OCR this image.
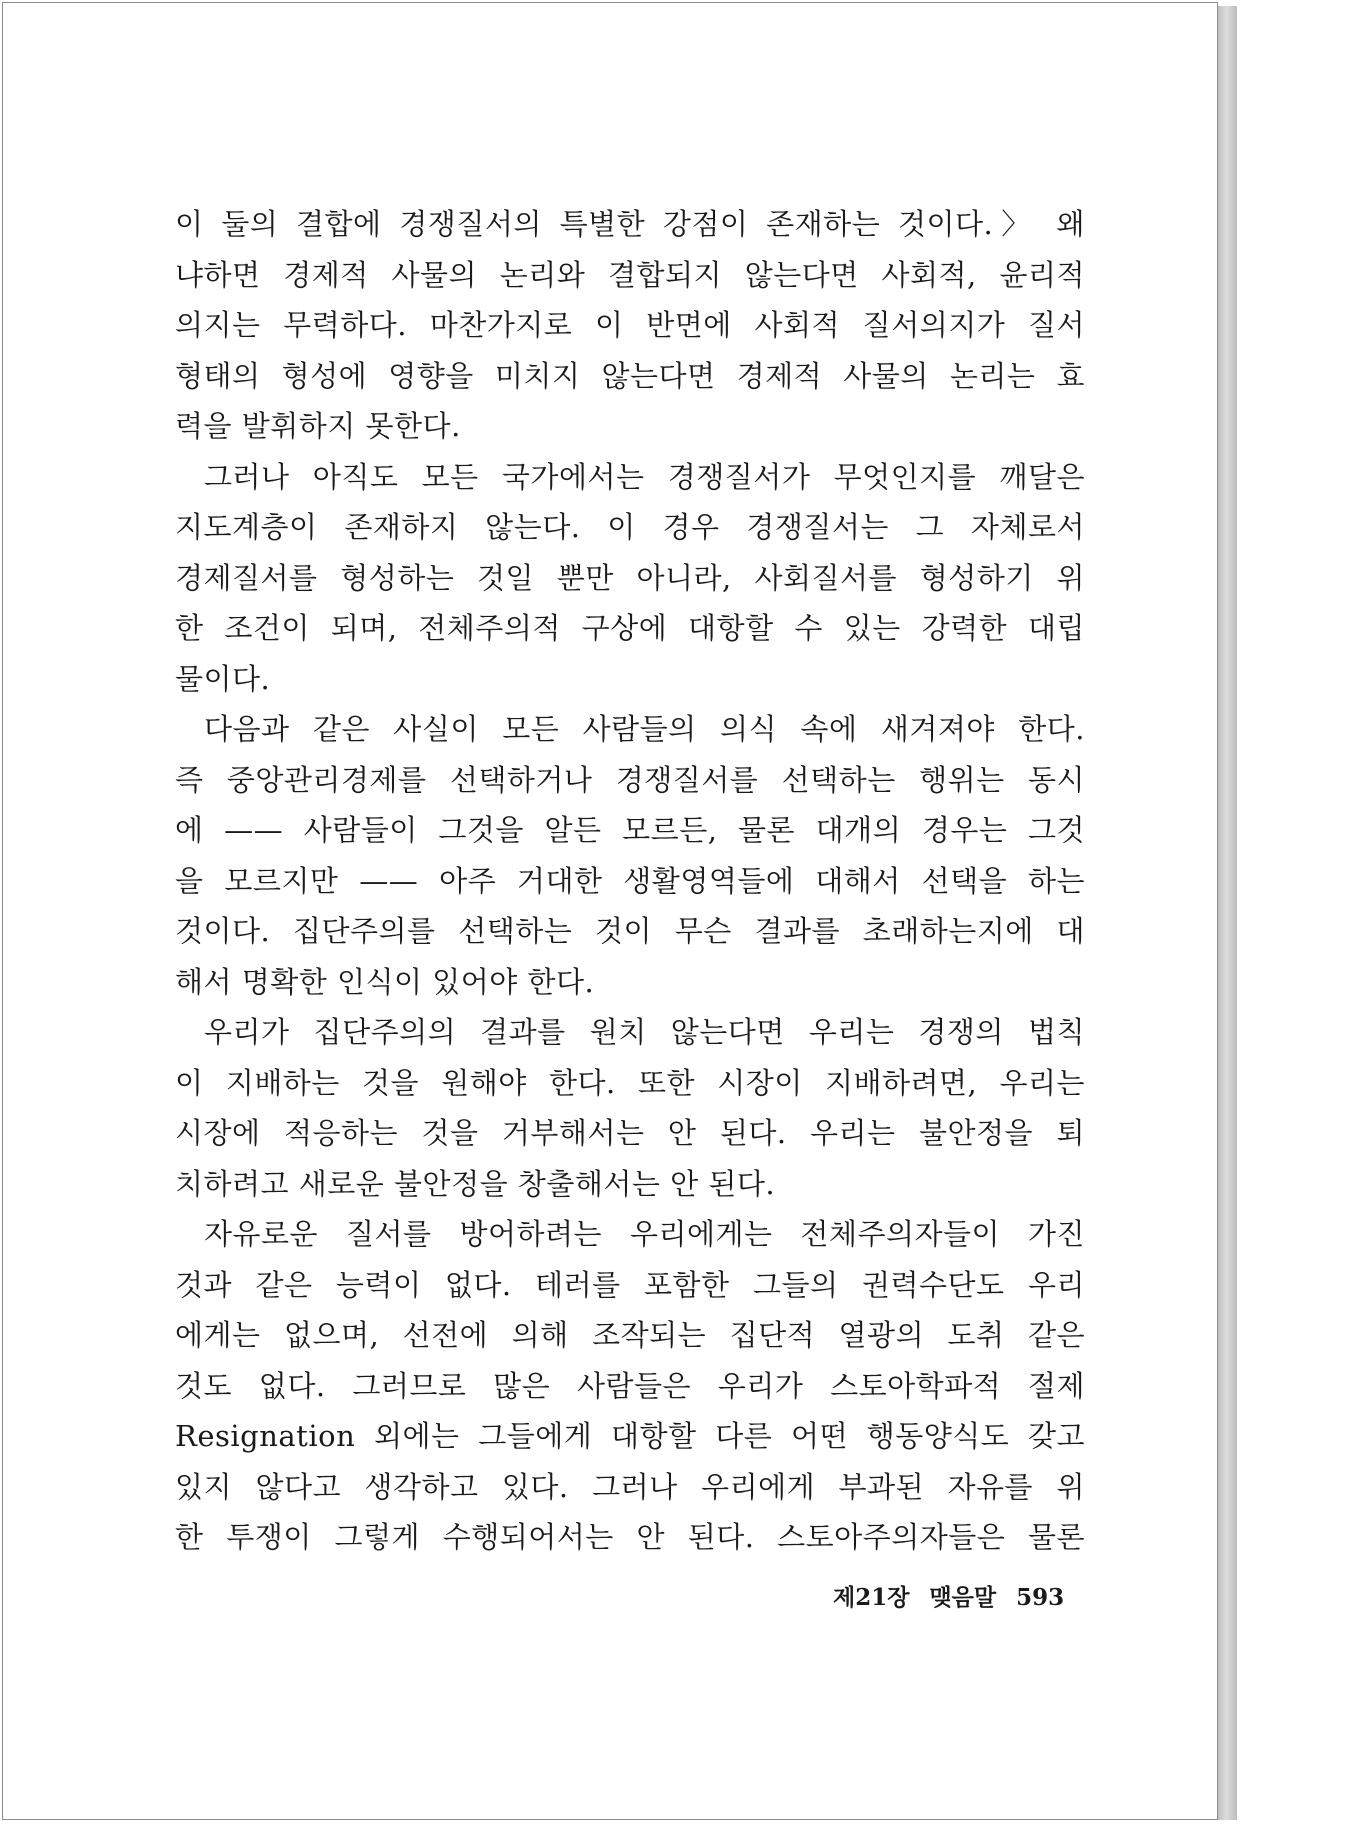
이 둘의 결합에 경쟁질서의 특별한 강점이 존재하는 것이다.〉 왜
냐하면 경제적 사물의 논리와 결합되지 않는다면 사회적, 윤리적
의지는 무력하다. 마찬가지로 이 반면에 사회적 질서의지가 질서
형태의 형성에 영향을 미치지 않는다면 경제적 사물의 논리는 효
력을 발휘하지 못한다.
그러나 아직도 모든 국가에서는 경쟁질서가 무엇인지를 깨달은
지도계층이 존재하지 않는다. 이 경우 경쟁질서는 그 자체로서
경제질서를 형성하는 것일 뿐만 아니라, 사회질서를 형성하기 위
한 조건이 되며, 전체주의적 구상에 대항할 수 있는 강력한 대립
물이다.
다음과 같은 사실이 모든 사람들의 의식 속에 새겨져야 한다.
즉 중앙관리경제를 선택하거나 경쟁질서를 선택하는 행위는 동시
에 —— 사람들이 그것을 알든 모르든, 물론 대개의 경우는 그것
을 모르지만 —— 아주 거대한 생활영역들에 대해서 선택을 하는
것이다. 집단주의를 선택하는 것이 무슨 결과를 초래하는지에 대
해서 명확한 인식이 있어야 한다.
우리가 집단주의의 결과를 원치 않는다면 우리는 경쟁의 법칙
이 지배하는 것을 원해야 한다. 또한 시장이 지배하려면, 우리는
시장에 적응하는 것을 거부해서는 안 된다. 우리는 불안정을 퇴
치하려고 새로운 불안정을 창출해서는 안 된다.
자유로운 질서를 방어하려는 우리에게는 전체주의자들이 가진
것과 같은 능력이 없다. 테러를 포함한 그들의 권력수단도 우리
에게는 없으며, 선전에 의해 조작되는 집단적 열광의 도취 같은
것도 없다. 그러므로 많은 사람들은 우리가 스토아학파적 절제
Resignation 외에는 그들에게 대항할 다른 어떤 행동양식도 갖고
있지 않다고 생각하고 있다. 그러나 우리에게 부과된 자유를 위
한 투쟁이 그렇게 수행되어서는 안 된다. 스토아주의자들은 물론
제21장 맺음말 593
